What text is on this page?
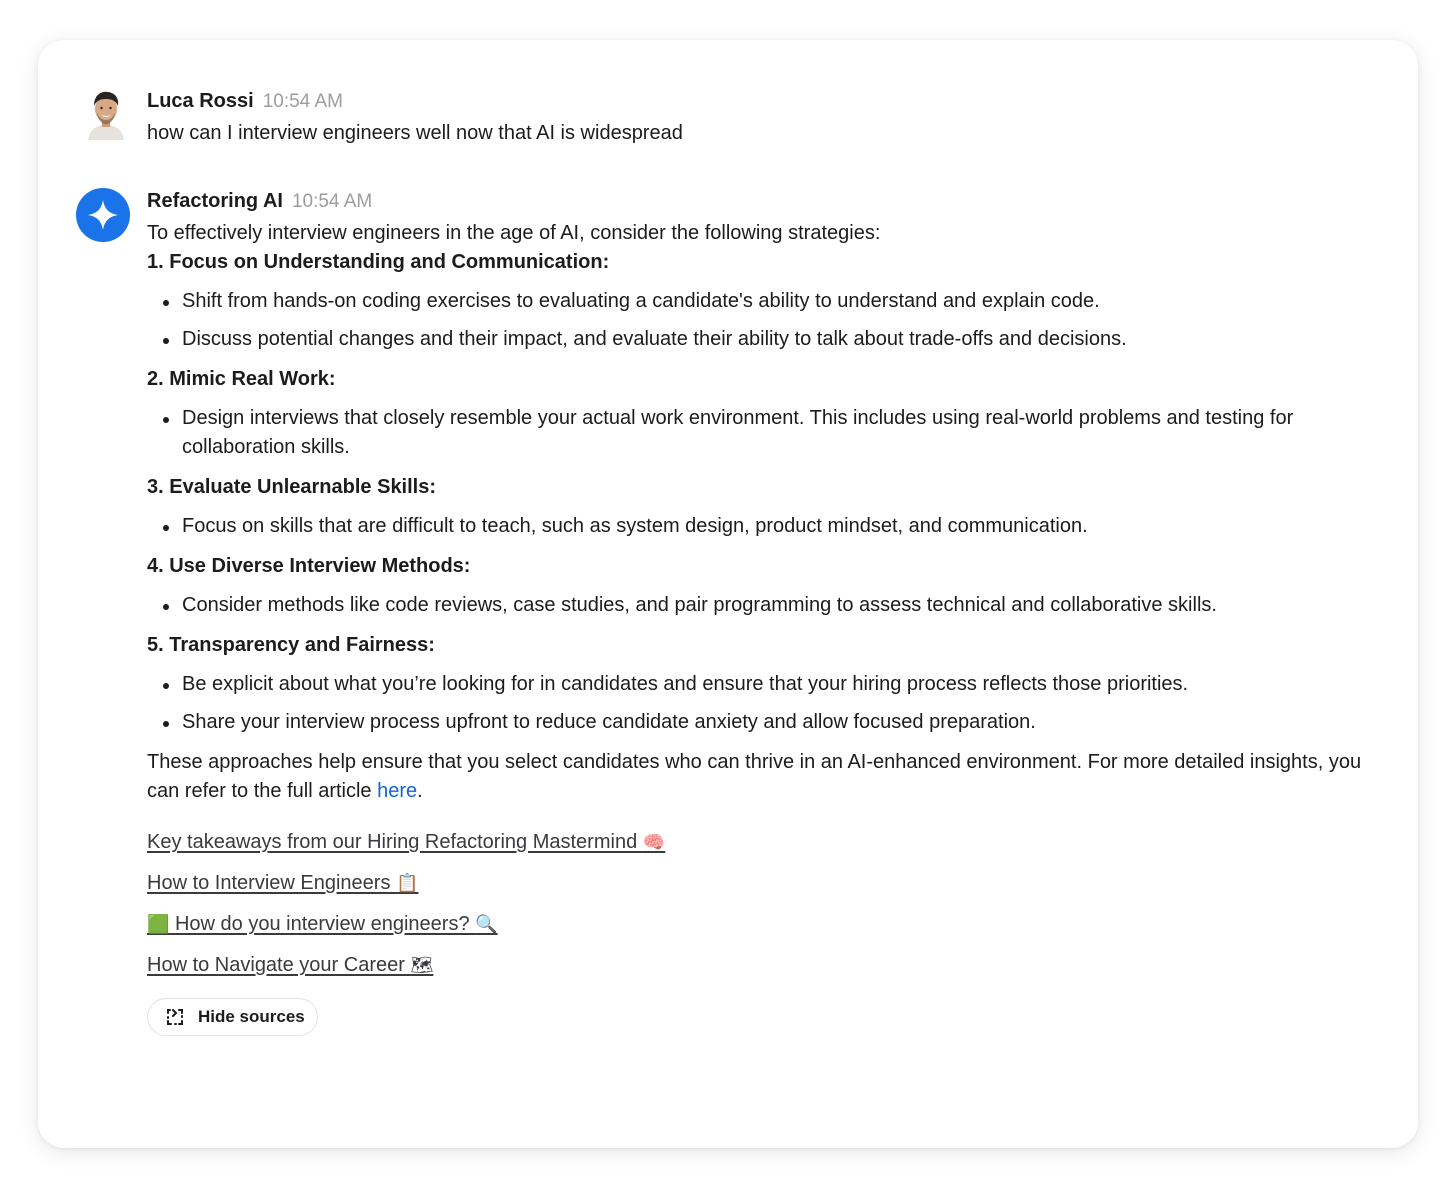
Luca Rossi 10:54 AM
how can I interview engineers well now that AI is widespread
Refactoring AI 10:54 AM
To effectively interview engineers in the age of AI, consider the following strategies:
1. Focus on Understanding and Communication:
Shift from hands-on coding exercises to evaluating a candidate's ability to understand and explain code.
Discuss potential changes and their impact, and evaluate their ability to talk about trade-offs and decisions.
2. Mimic Real Work:
Design interviews that closely resemble your actual work environment. This includes using real-world problems and testing for collaboration skills.
3. Evaluate Unlearnable Skills:
Focus on skills that are difficult to teach, such as system design, product mindset, and communication.
4. Use Diverse Interview Methods:
Consider methods like code reviews, case studies, and pair programming to assess technical and collaborative skills.
5. Transparency and Fairness:
Be explicit about what you’re looking for in candidates and ensure that your hiring process reflects those priorities.
Share your interview process upfront to reduce candidate anxiety and allow focused preparation.
These approaches help ensure that you select candidates who can thrive in an AI-enhanced environment. For more detailed insights, you can refer to the full article here.
Key takeaways from our Hiring Refactoring Mastermind 🧠
How to Interview Engineers 📋
🟩 How do you interview engineers? 🔍
How to Navigate your Career 🗺
Hide sources
